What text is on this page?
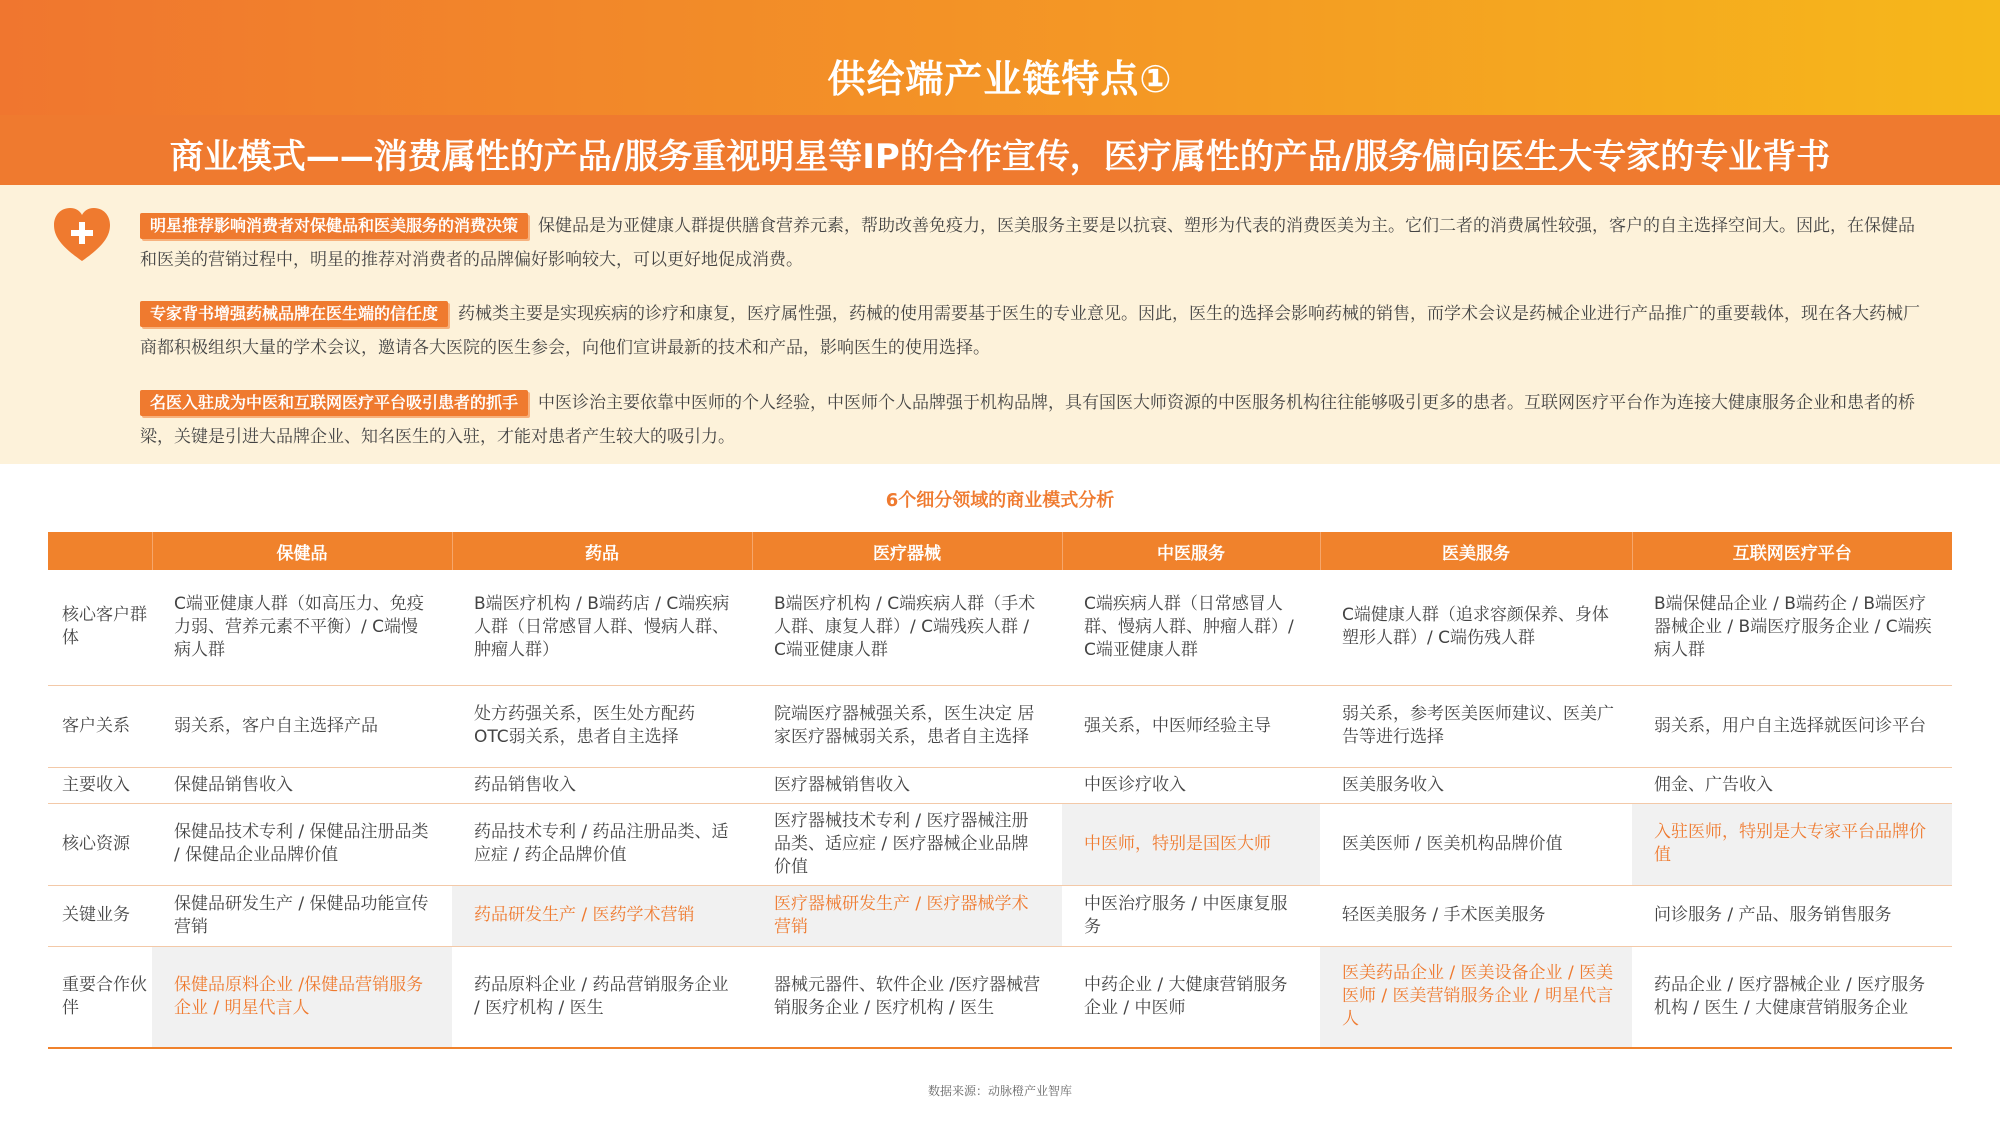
供给端产业链特点①
商业模式——消费属性的产品/服务重视明星等IP的合作宣传，医疗属性的产品/服务偏向医生大专家的专业背书
明星推荐影响消费者对保健品和医美服务的消费决策 保健品是为亚健康人群提供膳食营养元素，帮助改善免疫力，医美服务主要是以抗衰、塑形为代表的消费医美为主。它们二者的消费属性较强，客户的自主选择空间大。因此，在保健品和医美的营销过程中，明星的推荐对消费者的品牌偏好影响较大，可以更好地促成消费。
专家背书增强药械品牌在医生端的信任度 药械类主要是实现疾病的诊疗和康复，医疗属性强，药械的使用需要基于医生的专业意见。因此，医生的选择会影响药械的销售，而学术会议是药械企业进行产品推广的重要载体，现在各大药械厂商都积极组织大量的学术会议，邀请各大医院的医生参会，向他们宣讲最新的技术和产品，影响医生的使用选择。
名医入驻成为中医和互联网医疗平台吸引患者的抓手 中医诊治主要依靠中医师的个人经验，中医师个人品牌强于机构品牌，具有国医大师资源的中医服务机构往往能够吸引更多的患者。互联网医疗平台作为连接大健康服务企业和患者的桥梁，关键是引进大品牌企业、知名医生的入驻，才能对患者产生较大的吸引力。
6个细分领域的商业模式分析
	保健品	药品	医疗器械	中医服务	医美服务	互联网医疗平台
核心客户群体	C端亚健康人群（如高压力、免疫力弱、营养元素不平衡）/ C端慢病人群	B端医疗机构 / B端药店 / C端疾病人群（日常感冒人群、慢病人群、肿瘤人群）	B端医疗机构 / C端疾病人群（手术人群、康复人群）/ C端残疾人群 / C端亚健康人群	C端疾病人群（日常感冒人群、慢病人群、肿瘤人群）/ C端亚健康人群	C端健康人群（追求容颜保养、身体塑形人群）/ C端伤残人群	B端保健品企业 / B端药企 / B端医疗器械企业 / B端医疗服务企业 / C端疾病人群
客户关系	弱关系，客户自主选择产品	处方药强关系，医生处方配药 OTC弱关系，患者自主选择	院端医疗器械强关系，医生决定 居家医疗器械弱关系，患者自主选择	强关系，中医师经验主导	弱关系，参考医美医师建议、医美广告等进行选择	弱关系，用户自主选择就医问诊平台
主要收入	保健品销售收入	药品销售收入	医疗器械销售收入	中医诊疗收入	医美服务收入	佣金、广告收入
核心资源	保健品技术专利 / 保健品注册品类 / 保健品企业品牌价值	药品技术专利 / 药品注册品类、适应症 / 药企品牌价值	医疗器械技术专利 / 医疗器械注册品类、适应症 / 医疗器械企业品牌价值	中医师，特别是国医大师	医美医师 / 医美机构品牌价值	入驻医师，特别是大专家平台品牌价值
关键业务	保健品研发生产 / 保健品功能宣传营销	药品研发生产 / 医药学术营销	医疗器械研发生产 / 医疗器械学术营销	中医治疗服务 / 中医康复服务	轻医美服务 / 手术医美服务	问诊服务 / 产品、服务销售服务
重要合作伙伴	保健品原料企业 /保健品营销服务企业 / 明星代言人	药品原料企业 / 药品营销服务企业 / 医疗机构 / 医生	器械元器件、软件企业 /医疗器械营销服务企业 / 医疗机构 / 医生	中药企业 / 大健康营销服务企业 / 中医师	医美药品企业 / 医美设备企业 / 医美医师 / 医美营销服务企业 / 明星代言人	药品企业 / 医疗器械企业 / 医疗服务机构 / 医生 / 大健康营销服务企业
数据来源：动脉橙产业智库
